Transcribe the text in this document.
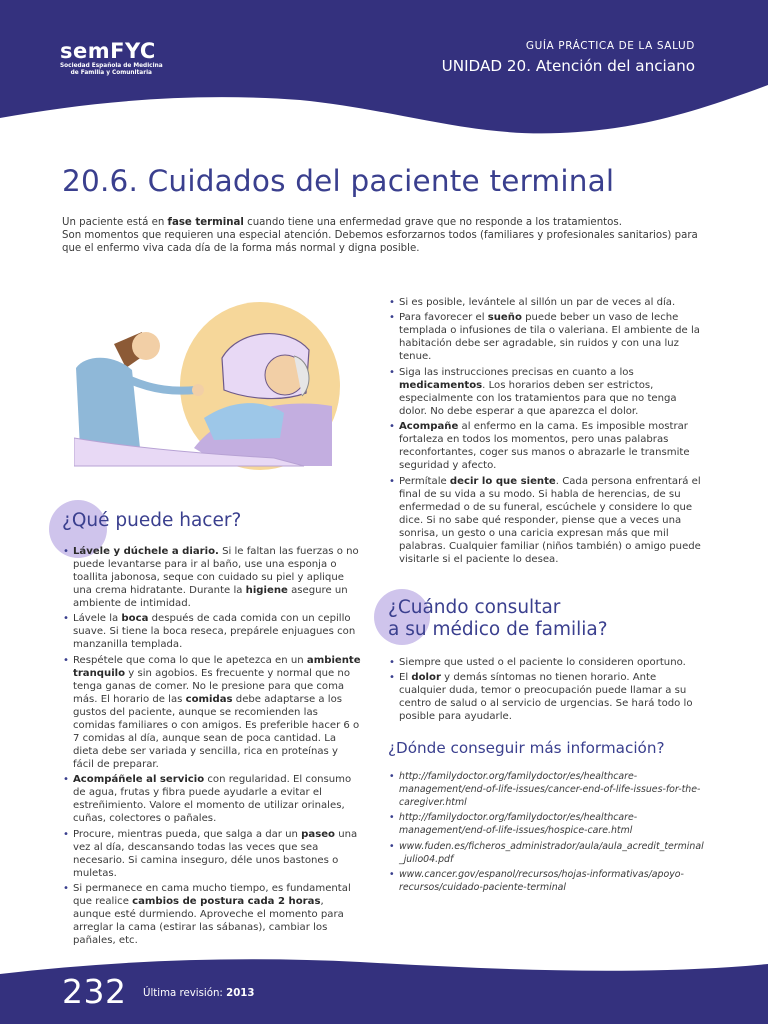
semFYC
Sociedad Española de Medicina
de Familia y Comunitaria
GUÍA PRÁCTICA DE LA SALUD
UNIDAD 20. Atención del anciano
20.6. Cuidados del paciente terminal

Un paciente está en fase terminal cuando tiene una enfermedad grave que no responde a los tratamientos.

Son momentos que requieren una especial atención. Debemos esforzarnos todos (familiares y profesionales sanitarios) para que el enfermo viva cada día de la forma más normal y digna posible.

¿Qué puede hacer?
• Lávele y dúchele a diario. Si le faltan las fuerzas o no puede levantarse para ir al baño, use una esponja o toallita jabonosa, seque con cuidado su piel y aplique una crema hidratante. Durante la higiene asegure un ambiente de intimidad.
• Lávele la boca después de cada comida con un cepillo suave. Si tiene la boca reseca, prepárele enjuagues con manzanilla templada.
• Respétele que coma lo que le apetezca en un ambiente tranquilo y sin agobios. Es frecuente y normal que no tenga ganas de comer. No le presione para que coma más. El horario de las comidas debe adaptarse a los gustos del paciente, aunque se recomienden las comidas familiares o con amigos. Es preferible hacer 6 o 7 comidas al día, aunque sean de poca cantidad. La dieta debe ser variada y sencilla, rica en proteínas y fácil de preparar.
• Acompáñele al servicio con regularidad. El consumo de agua, frutas y fibra puede ayudarle a evitar el estreñimiento. Valore el momento de utilizar orinales, cuñas, colectores o pañales.
• Procure, mientras pueda, que salga a dar un paseo una vez al día, descansando todas las veces que sea necesario. Si camina inseguro, déle unos bastones o muletas.
• Si permanece en cama mucho tiempo, es fundamental que realice cambios de postura cada 2 horas, aunque esté durmiendo. Aproveche el momento para arreglar la cama (estirar las sábanas), cambiar los pañales, etc.
• Si es posible, levántele al sillón un par de veces al día.
• Para favorecer el sueño puede beber un vaso de leche templada o infusiones de tila o valeriana. El ambiente de la habitación debe ser agradable, sin ruidos y con una luz tenue.
• Siga las instrucciones precisas en cuanto a los medicamentos. Los horarios deben ser estrictos, especialmente con los tratamientos para que no tenga dolor. No debe esperar a que aparezca el dolor.
• Acompañe al enfermo en la cama. Es imposible mostrar fortaleza en todos los momentos, pero unas palabras reconfortantes, coger sus manos o abrazarle le transmite seguridad y afecto.
• Permítale decir lo que siente. Cada persona enfrentará el final de su vida a su modo. Si habla de herencias, de su enfermedad o de su funeral, escúchele y considere lo que dice. Si no sabe qué responder, piense que a veces una sonrisa, un gesto o una caricia expresan más que mil palabras. Cualquier familiar (niños también) o amigo puede visitarle si el paciente lo desea.
¿Cuándo consultar
a su médico de familia?
• Siempre que usted o el paciente lo consideren oportuno.
• El dolor y demás síntomas no tienen horario. Ante cualquier duda, temor o preocupación puede llamar a su centro de salud o al servicio de urgencias. Se hará todo lo posible para ayudarle.
¿Dónde conseguir más información?
• http://familydoctor.org/familydoctor/es/healthcare-management/end-of-life-issues/cancer-end-of-life-issues-for-the-caregiver.html
• http://familydoctor.org/familydoctor/es/healthcare-management/end-of-life-issues/hospice-care.html
• www.fuden.es/ficheros_administrador/aula/aula_acredit_terminal_julio04.pdf
• www.cancer.gov/espanol/recursos/hojas-informativas/apoyo-recursos/cuidado-paciente-terminal
232 Última revisión: 2013
